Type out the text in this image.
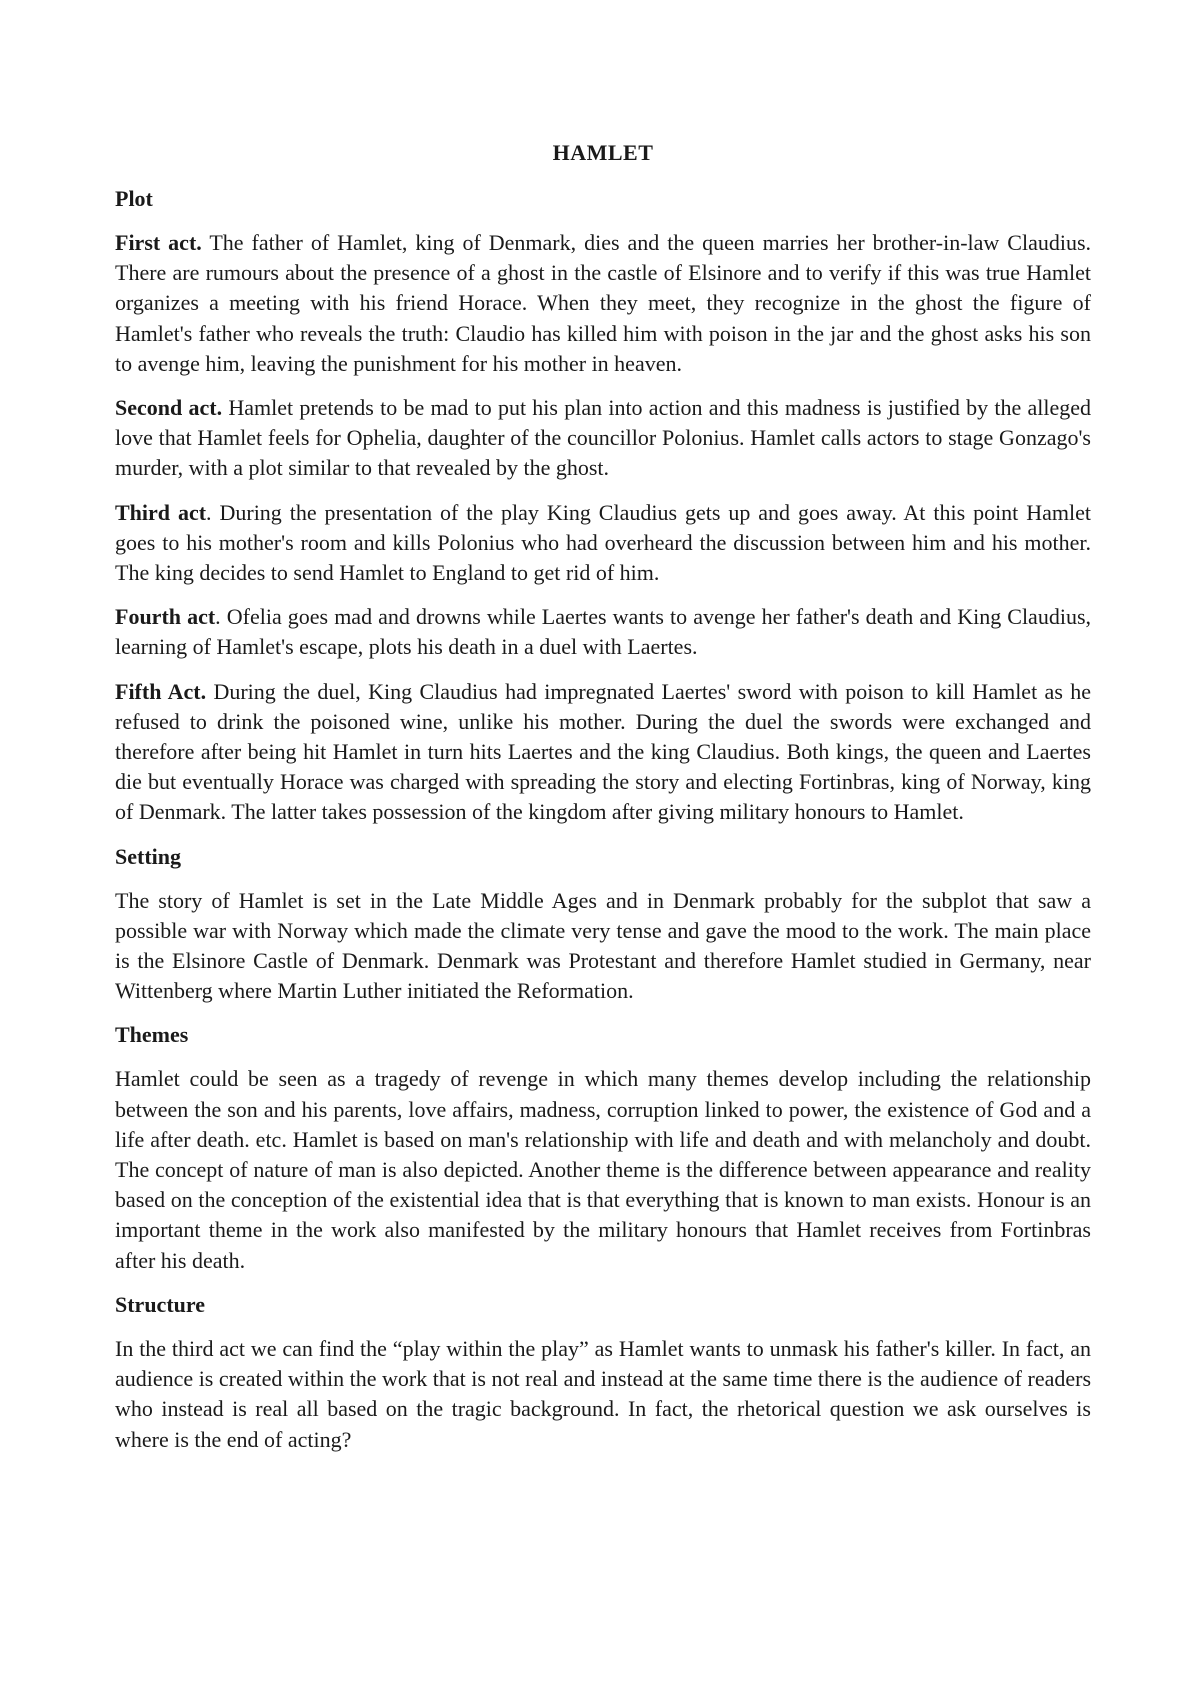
HAMLET
Plot

First act. The father of Hamlet, king of Denmark, dies and the queen marries her brother-in-law Claudius. There are rumours about the presence of a ghost in the castle of Elsinore and to verify if this was true Hamlet organizes a meeting with his friend Horace. When they meet, they recognize in the ghost the figure of Hamlet's father who reveals the truth: Claudio has killed him with poison in the jar and the ghost asks his son to avenge him, leaving the punishment for his mother in heaven.

Second act. Hamlet pretends to be mad to put his plan into action and this madness is justified by the alleged love that Hamlet feels for Ophelia, daughter of the councillor Polonius. Hamlet calls actors to stage Gonzago's murder, with a plot similar to that revealed by the ghost.

Third act. During the presentation of the play King Claudius gets up and goes away. At this point Hamlet goes to his mother's room and kills Polonius who had overheard the discussion between him and his mother. The king decides to send Hamlet to England to get rid of him.

Fourth act. Ofelia goes mad and drowns while Laertes wants to avenge her father's death and King Claudius, learning of Hamlet's escape, plots his death in a duel with Laertes.

Fifth Act. During the duel, King Claudius had impregnated Laertes' sword with poison to kill Hamlet as he refused to drink the poisoned wine, unlike his mother. During the duel the swords were exchanged and therefore after being hit Hamlet in turn hits Laertes and the king Claudius. Both kings, the queen and Laertes die but eventually Horace was charged with spreading the story and electing Fortinbras, king of Norway, king of Denmark. The latter takes possession of the kingdom after giving military honours to Hamlet.

Setting

The story of Hamlet is set in the Late Middle Ages and in Denmark probably for the subplot that saw a possible war with Norway which made the climate very tense and gave the mood to the work. The main place is the Elsinore Castle of Denmark. Denmark was Protestant and therefore Hamlet studied in Germany, near Wittenberg where Martin Luther initiated the Reformation.

Themes

Hamlet could be seen as a tragedy of revenge in which many themes develop including the relationship between the son and his parents, love affairs, madness, corruption linked to power, the existence of God and a life after death. etc. Hamlet is based on man's relationship with life and death and with melancholy and doubt. The concept of nature of man is also depicted. Another theme is the difference between appearance and reality based on the conception of the existential idea that is that everything that is known to man exists. Honour is an important theme in the work also manifested by the military honours that Hamlet receives from Fortinbras after his death.

Structure

In the third act we can find the “play within the play” as Hamlet wants to unmask his father's killer. In fact, an audience is created within the work that is not real and instead at the same time there is the audience of readers who instead is real all based on the tragic background. In fact, the rhetorical question we ask ourselves is where is the end of acting?
